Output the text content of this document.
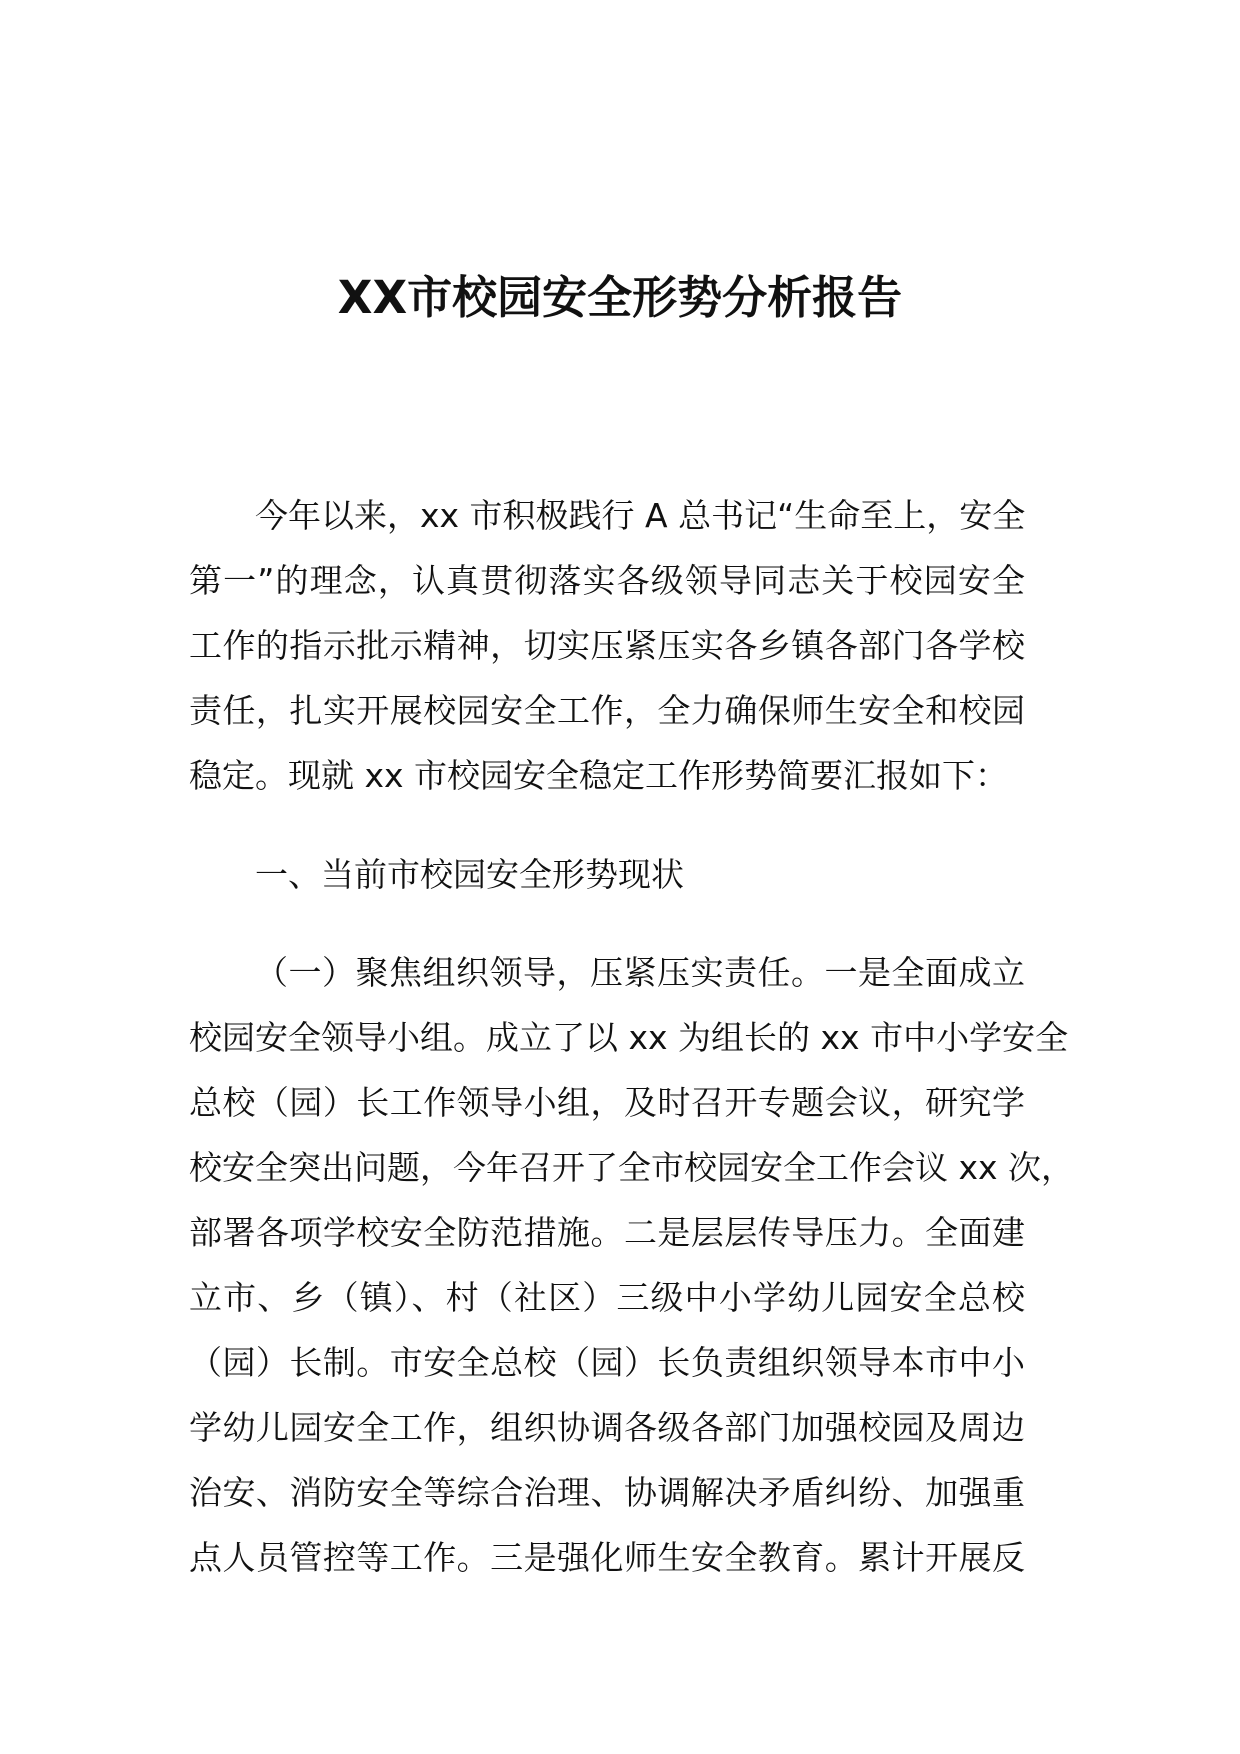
XX市校园安全形势分析报告
今年以来，xx 市积极践行 A 总书记“生命至上，安全
第一”的理念，认真贯彻落实各级领导同志关于校园安全
工作的指示批示精神，切实压紧压实各乡镇各部门各学校
责任，扎实开展校园安全工作，全力确保师生安全和校园
稳定。现就 xx 市校园安全稳定工作形势简要汇报如下：
一、当前市校园安全形势现状
（一）聚焦组织领导，压紧压实责任。一是全面成立
校园安全领导小组。成立了以 xx 为组长的 xx 市中小学安全
总校（园）长工作领导小组，及时召开专题会议，研究学
校安全突出问题，今年召开了全市校园安全工作会议 xx 次，
部署各项学校安全防范措施。二是层层传导压力。全面建
立市、乡（镇）、村（社区）三级中小学幼儿园安全总校
（园）长制。市安全总校（园）长负责组织领导本市中小
学幼儿园安全工作，组织协调各级各部门加强校园及周边
治安、消防安全等综合治理、协调解决矛盾纠纷、加强重
点人员管控等工作。三是强化师生安全教育。累计开展反
